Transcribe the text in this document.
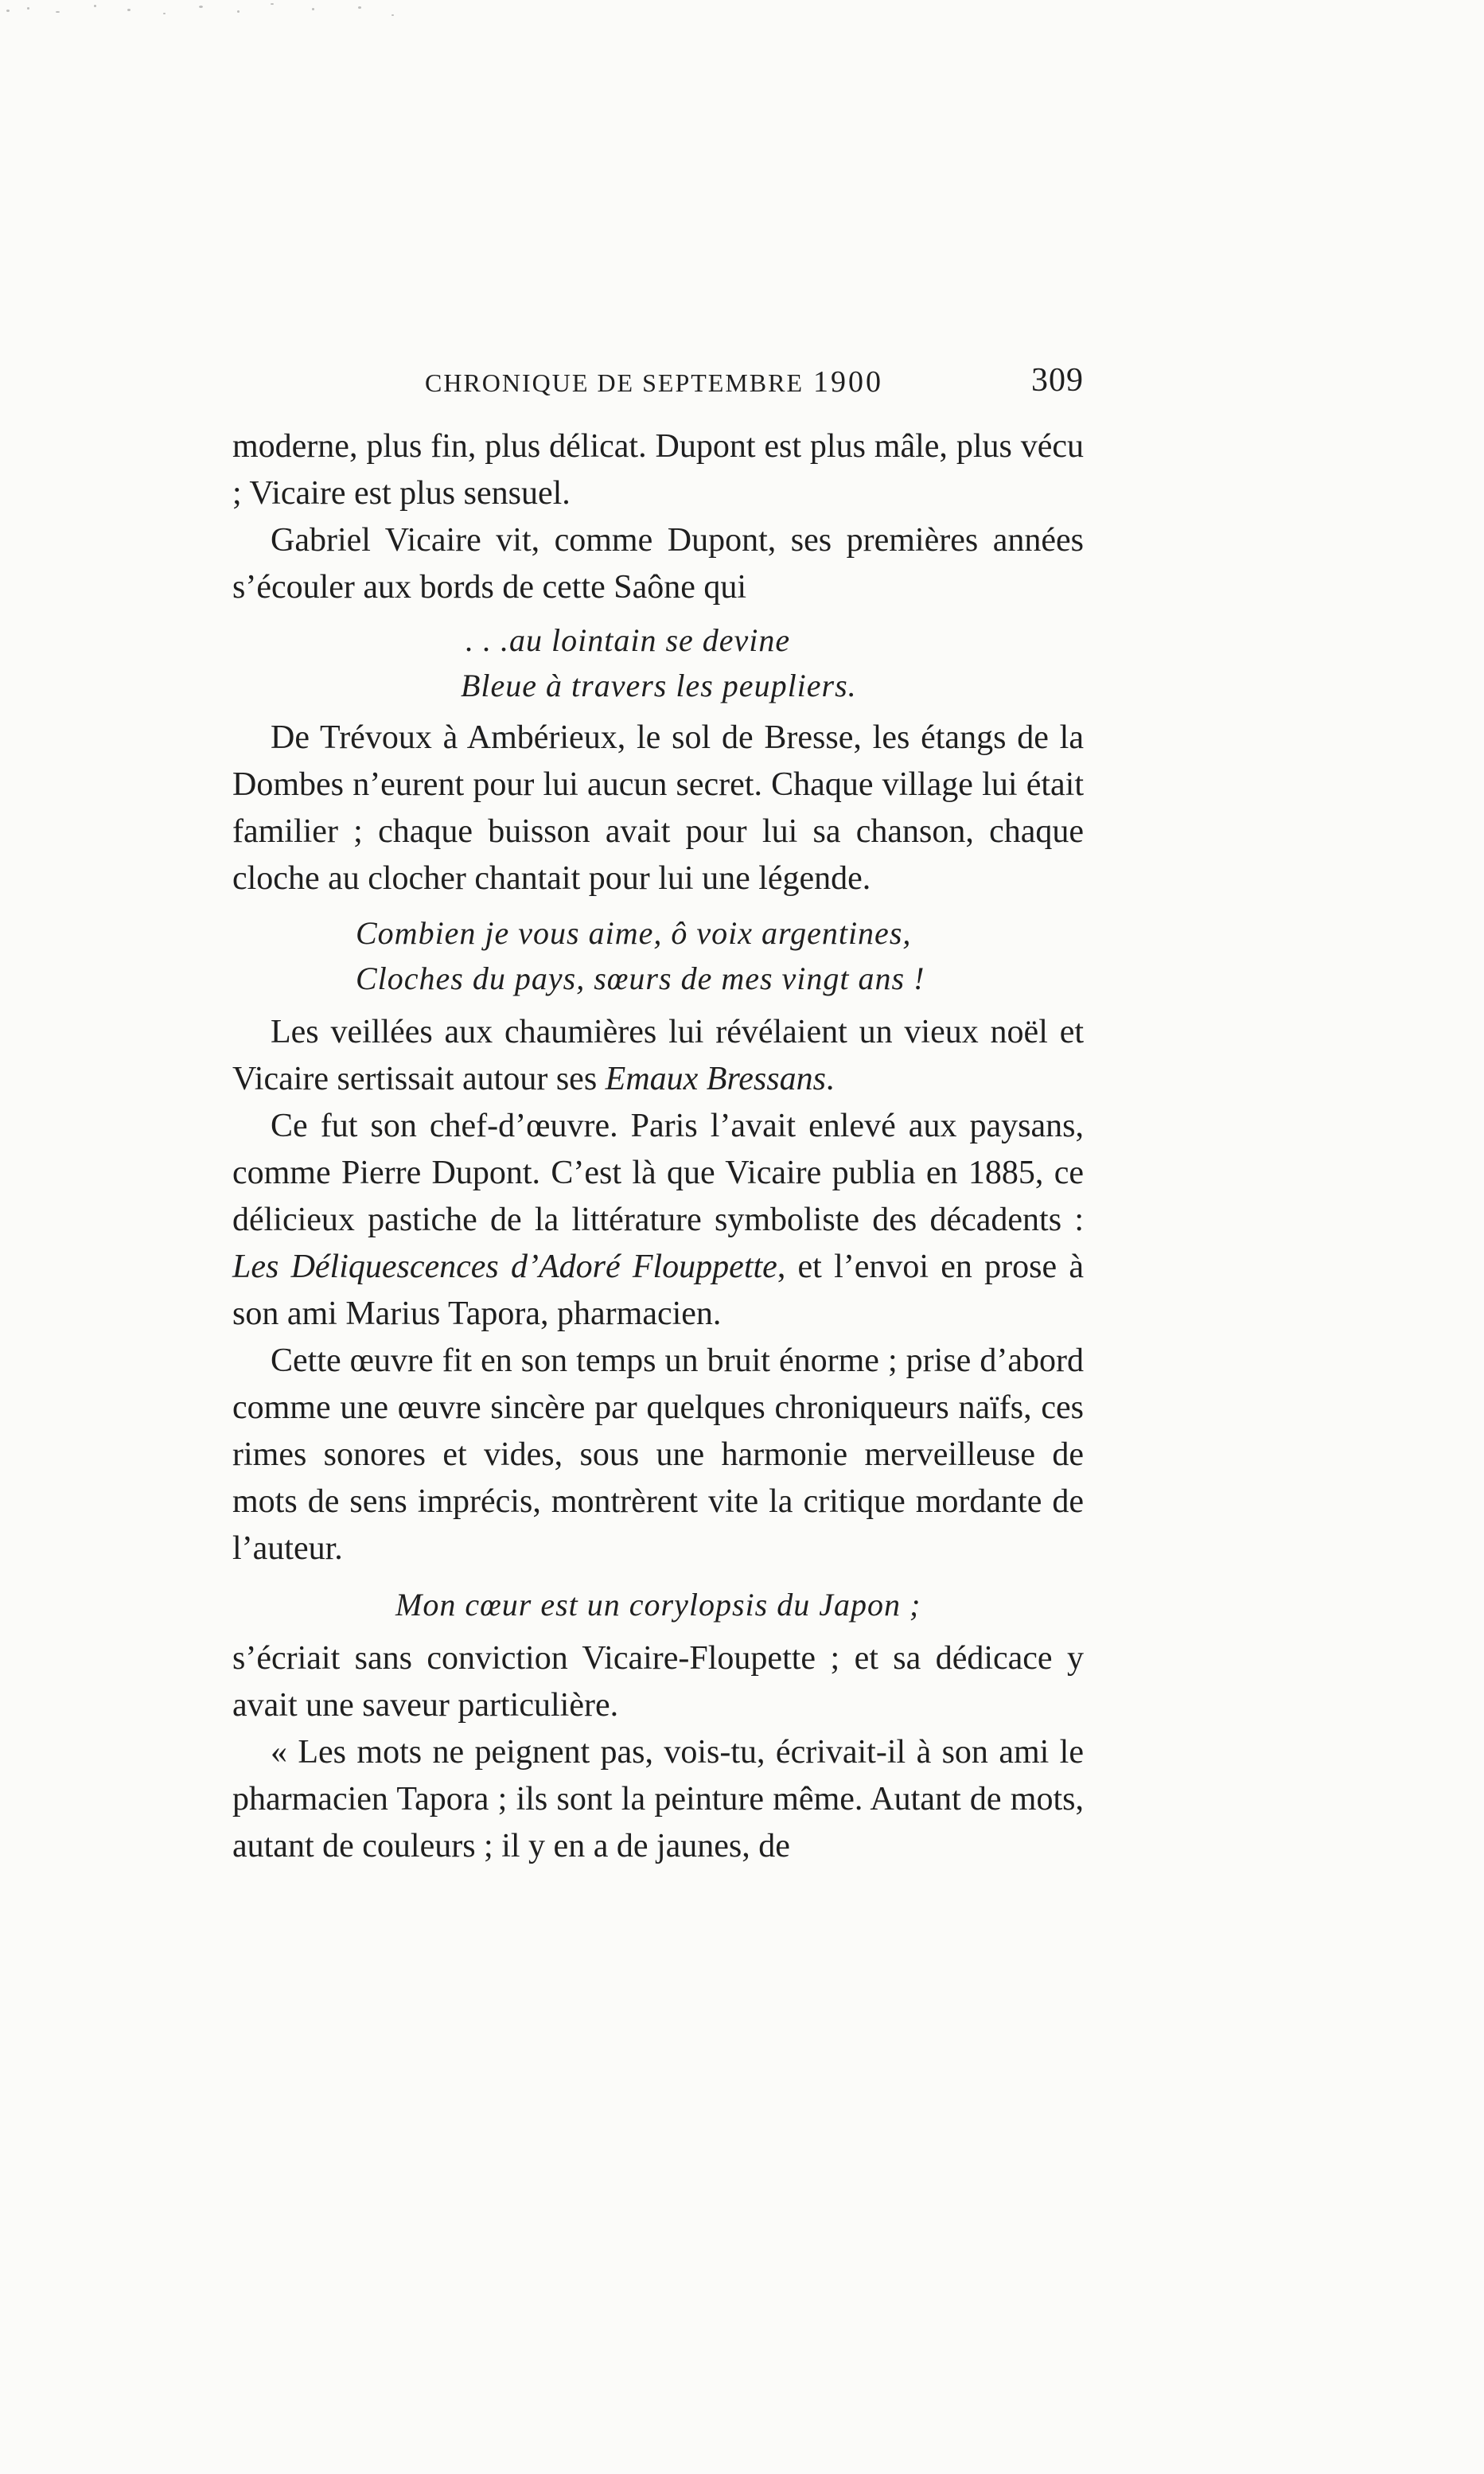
CHRONIQUE DE SEPTEMBRE 1900	309

moderne, plus fin, plus délicat. Dupont est plus mâle, plus vécu ; Vicaire est plus sensuel.

Gabriel Vicaire vit, comme Dupont, ses premières années s’écouler aux bords de cette Saône qui

. . .au lointain se devine
Bleue à travers les peupliers.

De Trévoux à Ambérieux, le sol de Bresse, les étangs de la Dombes n’eurent pour lui aucun secret. Chaque village lui était familier ; chaque buisson avait pour lui sa chanson, chaque cloche au clocher chantait pour lui une légende.

Combien je vous aime, ô voix argentines,
Cloches du pays, sœurs de mes vingt ans !

Les veillées aux chaumières lui révélaient un vieux noël et Vicaire sertissait autour ses Emaux Bressans.

Ce fut son chef-d’œuvre. Paris l’avait enlevé aux paysans, comme Pierre Dupont. C’est là que Vicaire publia en 1885, ce délicieux pastiche de la littérature symboliste des décadents : Les Déliquescences d’Adoré Flouppette, et l’envoi en prose à son ami Marius Tapora, pharmacien.

Cette œuvre fit en son temps un bruit énorme ; prise d’abord comme une œuvre sincère par quelques chroniqueurs naïfs, ces rimes sonores et vides, sous une harmonie merveilleuse de mots de sens imprécis, montrèrent vite la critique mordante de l’auteur.

Mon cœur est un corylopsis du Japon ;

s’écriait sans conviction Vicaire-Floupette ; et sa dédicace y avait une saveur particulière.

« Les mots ne peignent pas, vois-tu, écrivait-il à son ami le pharmacien Tapora ; ils sont la peinture même. Autant de mots, autant de couleurs ; il y en a de jaunes, de
